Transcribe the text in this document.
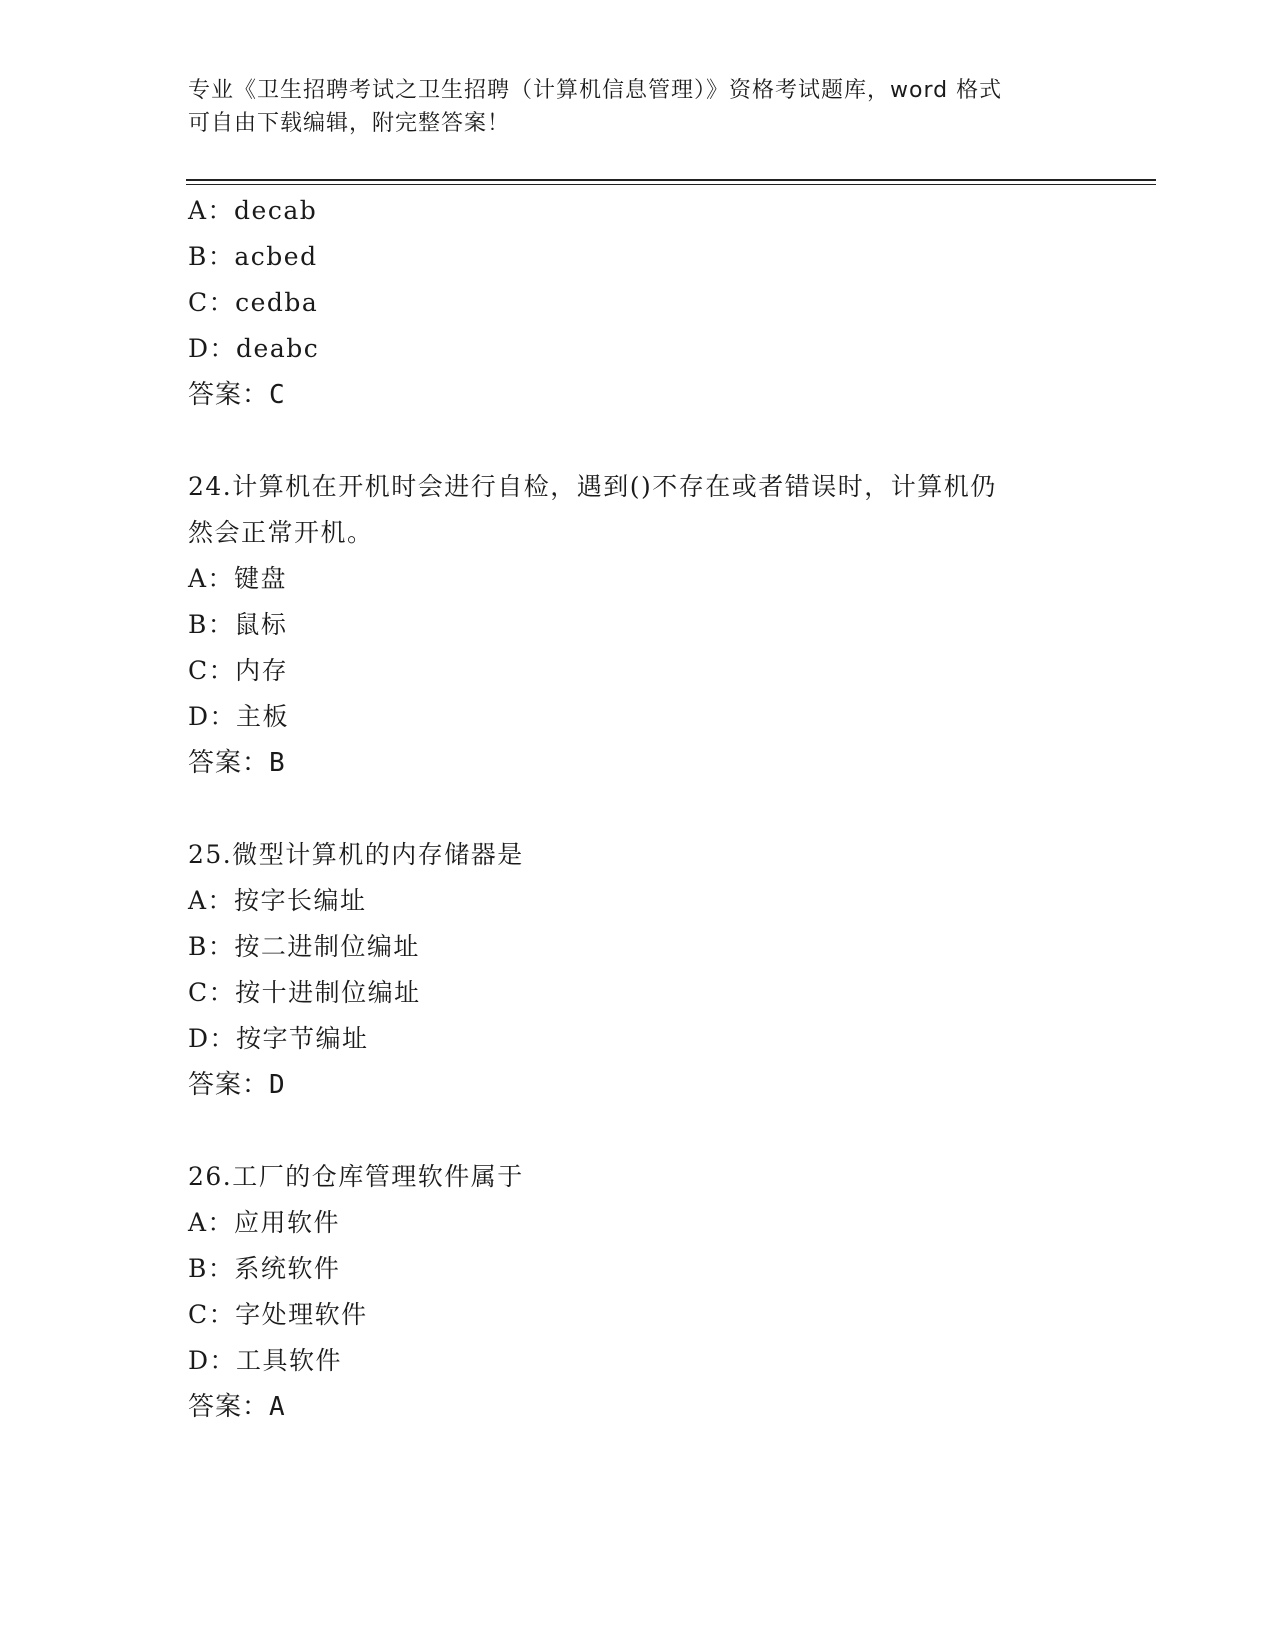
专业《卫生招聘考试之卫生招聘（计算机信息管理）》资格考试题库，word 格式
可自由下载编辑，附完整答案！
A：decab
B：acbed
C：cedba
D：deabc
答案：C
24.计算机在开机时会进行自检，遇到()不存在或者错误时，计算机仍
然会正常开机。
A：键盘
B：鼠标
C：内存
D：主板
答案：B
25.微型计算机的内存储器是
A：按字长编址
B：按二进制位编址
C：按十进制位编址
D：按字节编址
答案：D
26.工厂的仓库管理软件属于
A：应用软件
B：系统软件
C：字处理软件
D：工具软件
答案：A
